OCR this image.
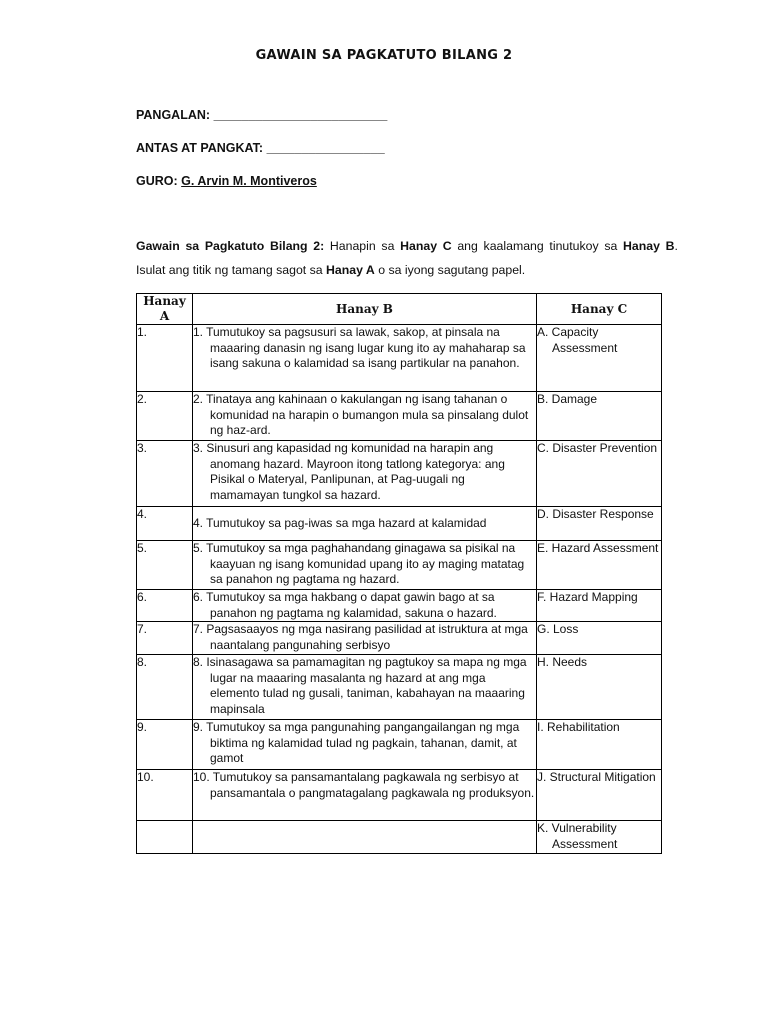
GAWAIN SA PAGKATUTO BILANG 2
PANGALAN: _________________________
ANTAS AT PANGKAT: _________________
GURO: G. Arvin M. Montiveros
Gawain sa Pagkatuto Bilang 2: Hanapin sa Hanay C ang kaalamang tinutukoy sa Hanay B. Isulat ang titik ng tamang sagot sa Hanay A o sa iyong sagutang papel.
Hanay A	Hanay B	Hanay C
1.	1. Tumutukoy sa pagsusuri sa lawak, sakop, at pinsala na maaaring danasin ng isang lugar kung ito ay mahaharap sa isang sakuna o kalamidad sa isang partikular na panahon.	A. Capacity Assessment

2.	2. Tinataya ang kahinaan o kakulangan ng isang tahanan o komunidad na harapin o bumangon mula sa pinsalang dulot ng haz-ard.	B. Damage

3.	3. Sinusuri ang kapasidad ng komunidad na harapin ang anomang hazard. Mayroon itong tatlong kategorya: ang Pisikal o Materyal, Panlipunan, at Pag-uugali ng mamamayan tungkol sa hazard.	C. Disaster Prevention

4.	4. Tumutukoy sa pag-iwas sa mga hazard at kalamidad	D. Disaster Response

5.	5. Tumutukoy sa mga paghahandang ginagawa sa pisikal na kaayuan ng isang komunidad upang ito ay maging matatag sa panahon ng pagtama ng hazard.	E. Hazard Assessment

6.	6. Tumutukoy sa mga hakbang o dapat gawin bago at sa panahon ng pagtama ng kalamidad, sakuna o hazard.	F. Hazard Mapping

7.	7. Pagsasaayos ng mga nasirang pasilidad at istruktura at mga naantalang pangunahing serbisyo	G. Loss

8.	8. Isinasagawa sa pamamagitan ng pagtukoy sa mapa ng mga lugar na maaaring masalanta ng hazard at ang mga elemento tulad ng gusali, taniman, kabahayan na maaaring mapinsala	H. Needs

9.	9. Tumutukoy sa mga pangunahing pangangailangan ng mga biktima ng kalamidad tulad ng pagkain, tahanan, damit, at gamot	I. Rehabilitation

10.	10. Tumutukoy sa pansamantalang pagkawala ng serbisyo at pansamantala o pangmatagalang pagkawala ng produksyon.	J. Structural Mitigation

		K. Vulnerability Assessment
